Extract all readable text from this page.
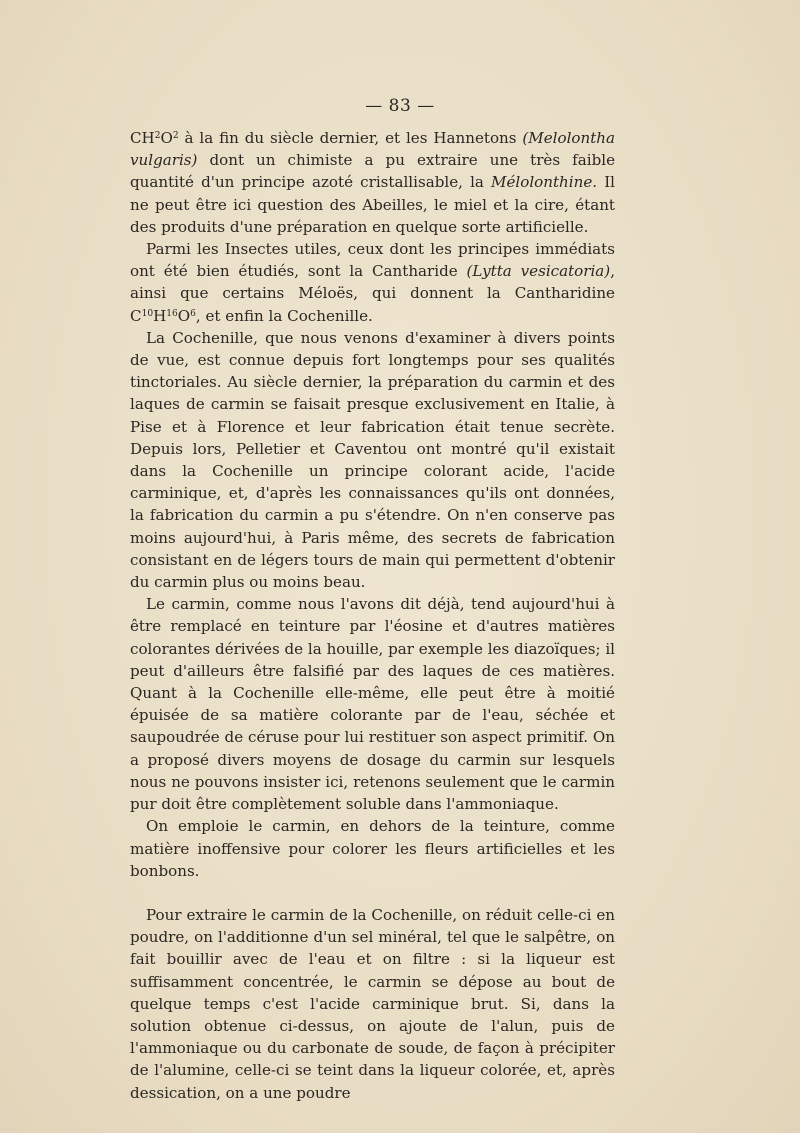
— 83 —

$CH^2O^2$ à la fin du siècle dernier, et les Hannetons (Melolontha vulgaris) dont un chimiste a pu extraire une très faible quantité d'un principe azoté cristallisable, la Mélolonthine. Il ne peut être ici question des Abeilles, le miel et la cire, étant des produits d'une préparation en quelque sorte artificielle.

Parmi les Insectes utiles, ceux dont les principes immédiats ont été bien étudiés, sont la Cantharide (Lytta vesicatoria), ainsi que certains Méloës, qui donnent la Cantharidine $C^{10}H^{16}O^6$, et enfin la Cochenille.

La Cochenille, que nous venons d'examiner à divers points de vue, est connue depuis fort longtemps pour ses qualités tinctoriales. Au siècle dernier, la préparation du carmin et des laques de carmin se faisait presque exclusivement en Italie, à Pise et à Florence et leur fabrication était tenue secrète. Depuis lors, Pelletier et Caventou ont montré qu'il existait dans la Cochenille un principe colorant acide, l'acide carminique, et, d'après les connaissances qu'ils ont données, la fabrication du carmin a pu s'étendre. On n'en conserve pas moins aujourd'hui, à Paris même, des secrets de fabrication consistant en de légers tours de main qui permettent d'obtenir du carmin plus ou moins beau.

Le carmin, comme nous l'avons dit déjà, tend aujourd'hui à être remplacé en teinture par l'éosine et d'autres matières colorantes dérivées de la houille, par exemple les diazoïques; il peut d'ailleurs être falsifié par des laques de ces matières. Quant à la Cochenille elle-même, elle peut être à moitié épuisée de sa matière colorante par de l'eau, séchée et saupoudrée de céruse pour lui restituer son aspect primitif. On a proposé divers moyens de dosage du carmin sur lesquels nous ne pouvons insister ici, retenons seulement que le carmin pur doit être complètement soluble dans l'ammoniaque.

On emploie le carmin, en dehors de la teinture, comme matière inoffensive pour colorer les fleurs artificielles et les bonbons.

Pour extraire le carmin de la Cochenille, on réduit celle-ci en poudre, on l'additionne d'un sel minéral, tel que le salpêtre, on fait bouillir avec de l'eau et on filtre : si la liqueur est suffisamment concentrée, le carmin se dépose au bout de quelque temps c'est l'acide carminique brut. Si, dans la solution obtenue ci-dessus, on ajoute de l'alun, puis de l'ammoniaque ou du carbonate de soude, de façon à précipiter de l'alumine, celle-ci se teint dans la liqueur colorée, et, après dessication, on a une poudre
